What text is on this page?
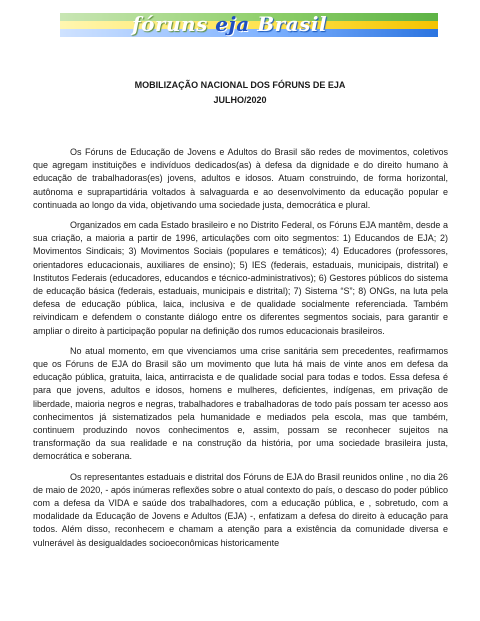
fóruns eja Brasil
MOBILIZAÇÃO NACIONAL DOS FÓRUNS DE EJA
JULHO/2020

Os Fóruns de Educação de Jovens e Adultos do Brasil são redes de movimentos, coletivos que agregam instituições e indivíduos dedicados(as) à defesa da dignidade e do direito humano à educação de trabalhadoras(es) jovens, adultos e idosos. Atuam construindo, de forma horizontal, autônoma e suprapartidária voltados à salvaguarda e ao desenvolvimento da educação popular e continuada ao longo da vida, objetivando uma sociedade justa, democrática e plural.

Organizados em cada Estado brasileiro e no Distrito Federal, os Fóruns EJA mantêm, desde a sua criação, a maioria a partir de 1996, articulações com oito segmentos: 1) Educandos de EJA; 2) Movimentos Sindicais; 3) Movimentos Sociais (populares e temáticos); 4) Educadores (professores, orientadores educacionais, auxiliares de ensino); 5) IES (federais, estaduais, municipais, distrital) e Institutos Federais (educadores, educandos e técnico-administrativos); 6) Gestores públicos do sistema de educação básica (federais, estaduais, municipais e distrital); 7) Sistema “S”; 8) ONGs, na luta pela defesa de educação pública, laica, inclusiva e de qualidade socialmente referenciada. Também reivindicam e defendem o constante diálogo entre os diferentes segmentos sociais, para garantir e ampliar o direito à participação popular na definição dos rumos educacionais brasileiros.

No atual momento, em que vivenciamos uma crise sanitária sem precedentes, reafirmamos que os Fóruns de EJA do Brasil são um movimento que luta há mais de vinte anos em defesa da educação pública, gratuita, laica, antirracista e de qualidade social para todas e todos. Essa defesa é para que jovens, adultos e idosos, homens e mulheres, deficientes, indígenas, em privação de liberdade, maioria negros e negras, trabalhadores e trabalhadoras de todo país possam ter acesso aos conhecimentos já sistematizados pela humanidade e mediados pela escola, mas que também, continuem produzindo novos conhecimentos e, assim, possam se reconhecer sujeitos na transformação da sua realidade e na construção da história, por uma sociedade brasileira justa, democrática e soberana.

Os representantes estaduais e distrital dos Fóruns de EJA do Brasil reunidos online , no dia 26 de maio de 2020, - após inúmeras reflexões sobre o atual contexto do país, o descaso do poder público com a defesa da VIDA e saúde dos trabalhadores, com a educação pública, e , sobretudo, com a modalidade da Educação de Jovens e Adultos (EJA) -, enfatizam a defesa do direito à educação para todos. Além disso, reconhecem e chamam a atenção para a existência da comunidade diversa e vulnerável às desigualdades socioeconômicas historicamente
